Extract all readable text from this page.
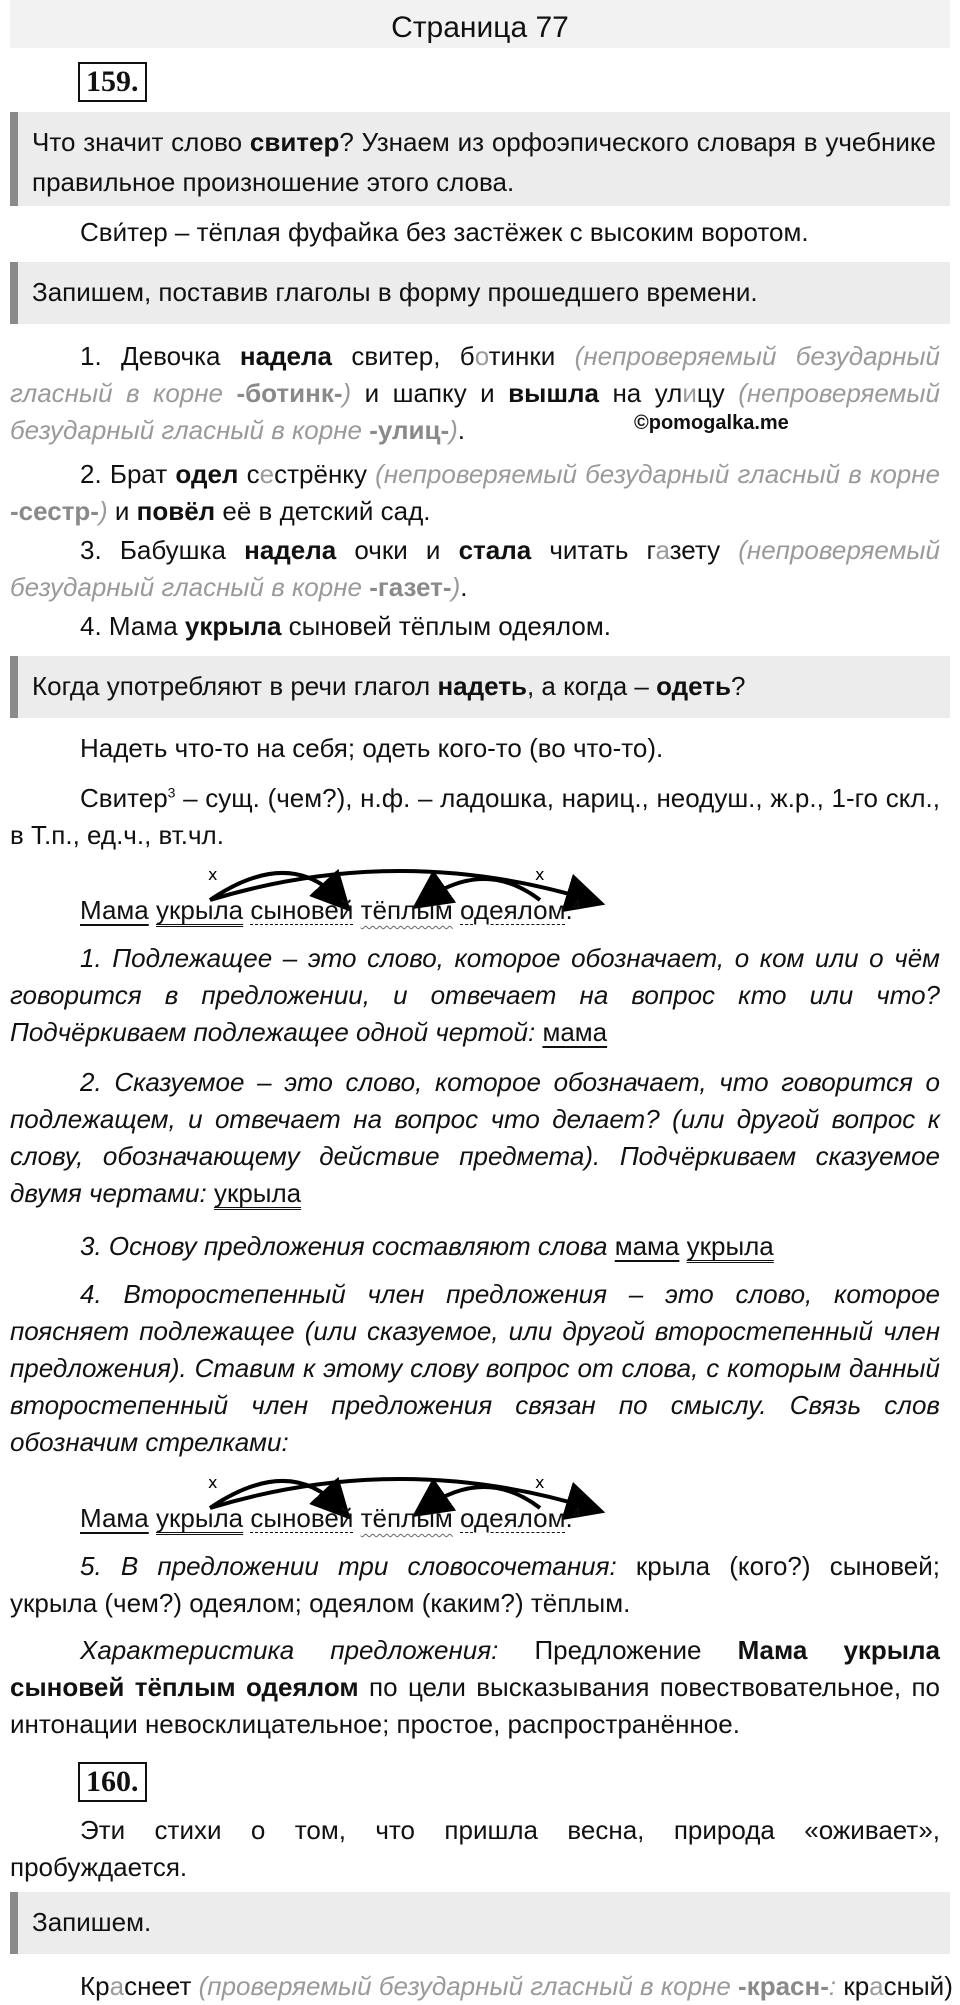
Страница 77
159.
Что значит слово свитер? Узнаем из орфоэпического словаря в учебнике правильное произношение этого слова.
Сви́тер – тёплая фуфайка без застёжек с высоким воротом.
Запишем, поставив глаголы в форму прошедшего времени.
1. Девочка надела свитер, ботинки (непроверяемый безударный гласный в корне -ботинк-) и шапку и вышла на улицу (непроверяемый безударный гласный в корне -улиц-).	©pomogalka.me
2. Брат одел сестрёнку (непроверяемый безударный гласный в корне -сестр-) и повёл её в детский сад.
3. Бабушка надела очки и стала читать газету (непроверяемый безударный гласный в корне -газет-).
4. Мама укрыла сыновей тёплым одеялом.
Когда употребляют в речи глагол надеть, а когда – одеть?
Надеть что-то на себя; одеть кого-то (во что-то).
Свитер$^3$ – сущ. (чем?), н.ф. – ладошка, нариц., неодуш., ж.р., 1-го скл., в Т.п., ед.ч., вт.чл.
x	x
Мама укрыла сыновей тёплым одеялом.$^4$
1. Подлежащее – это слово, которое обозначает, о ком или о чём говорится в предложении, и отвечает на вопрос кто или что? Подчёркиваем подлежащее одной чертой: мама
2. Сказуемое – это слово, которое обозначает, что говорится о подлежащем, и отвечает на вопрос что делает? (или другой вопрос к слову, обозначающему действие предмета). Подчёркиваем сказуемое двумя чертами: укрыла
3. Основу предложения составляют слова мама укрыла
4. Второстепенный член предложения – это слово, которое поясняет подлежащее (или сказуемое, или другой второстепенный член предложения). Ставим к этому слову вопрос от слова, с которым данный второстепенный член предложения связан по смыслу. Связь слов обозначим стрелками:
x	x
Мама укрыла сыновей тёплым одеялом.$^4$
5. В предложении три словосочетания: крыла (кого?) сыновей; укрыла (чем?) одеялом; одеялом (каким?) тёплым.
Характеристика предложения: Предложение Мама укрыла сыновей тёплым одеялом по цели высказывания повествовательное, по интонации невосклицательное; простое, распространённое.
160.
Эти стихи о том, что пришла весна, природа «оживает», пробуждается.
Запишем.
Краснеет (проверяемый безударный гласный в корне -красн-: красный)
